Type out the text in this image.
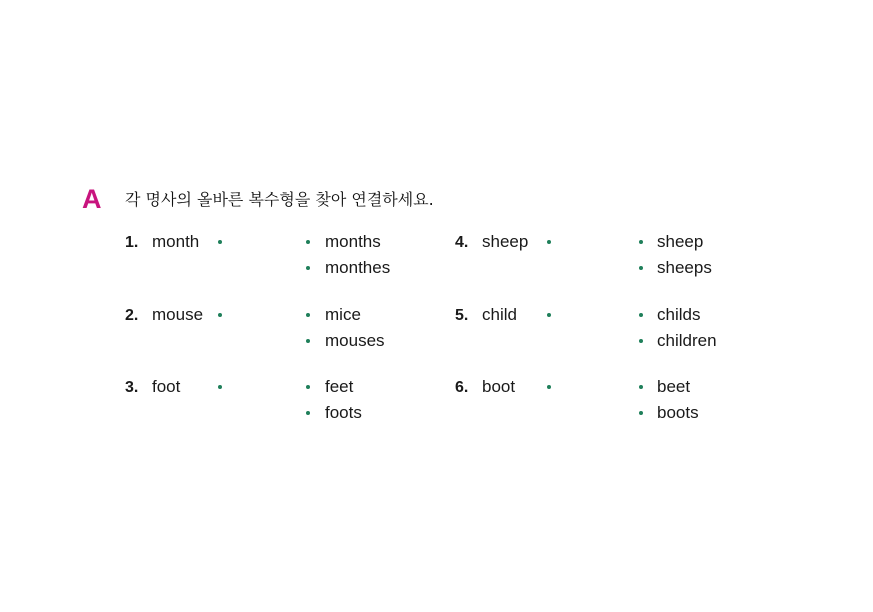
A 각 명사의 올바른 복수형을 찾아 연결하세요.
1. month	months
monthes
2. mouse	mice
mouses
3. foot	feet
foots
4. sheep	sheep
sheeps
5. child	childs
children
6. boot	beet
boots
